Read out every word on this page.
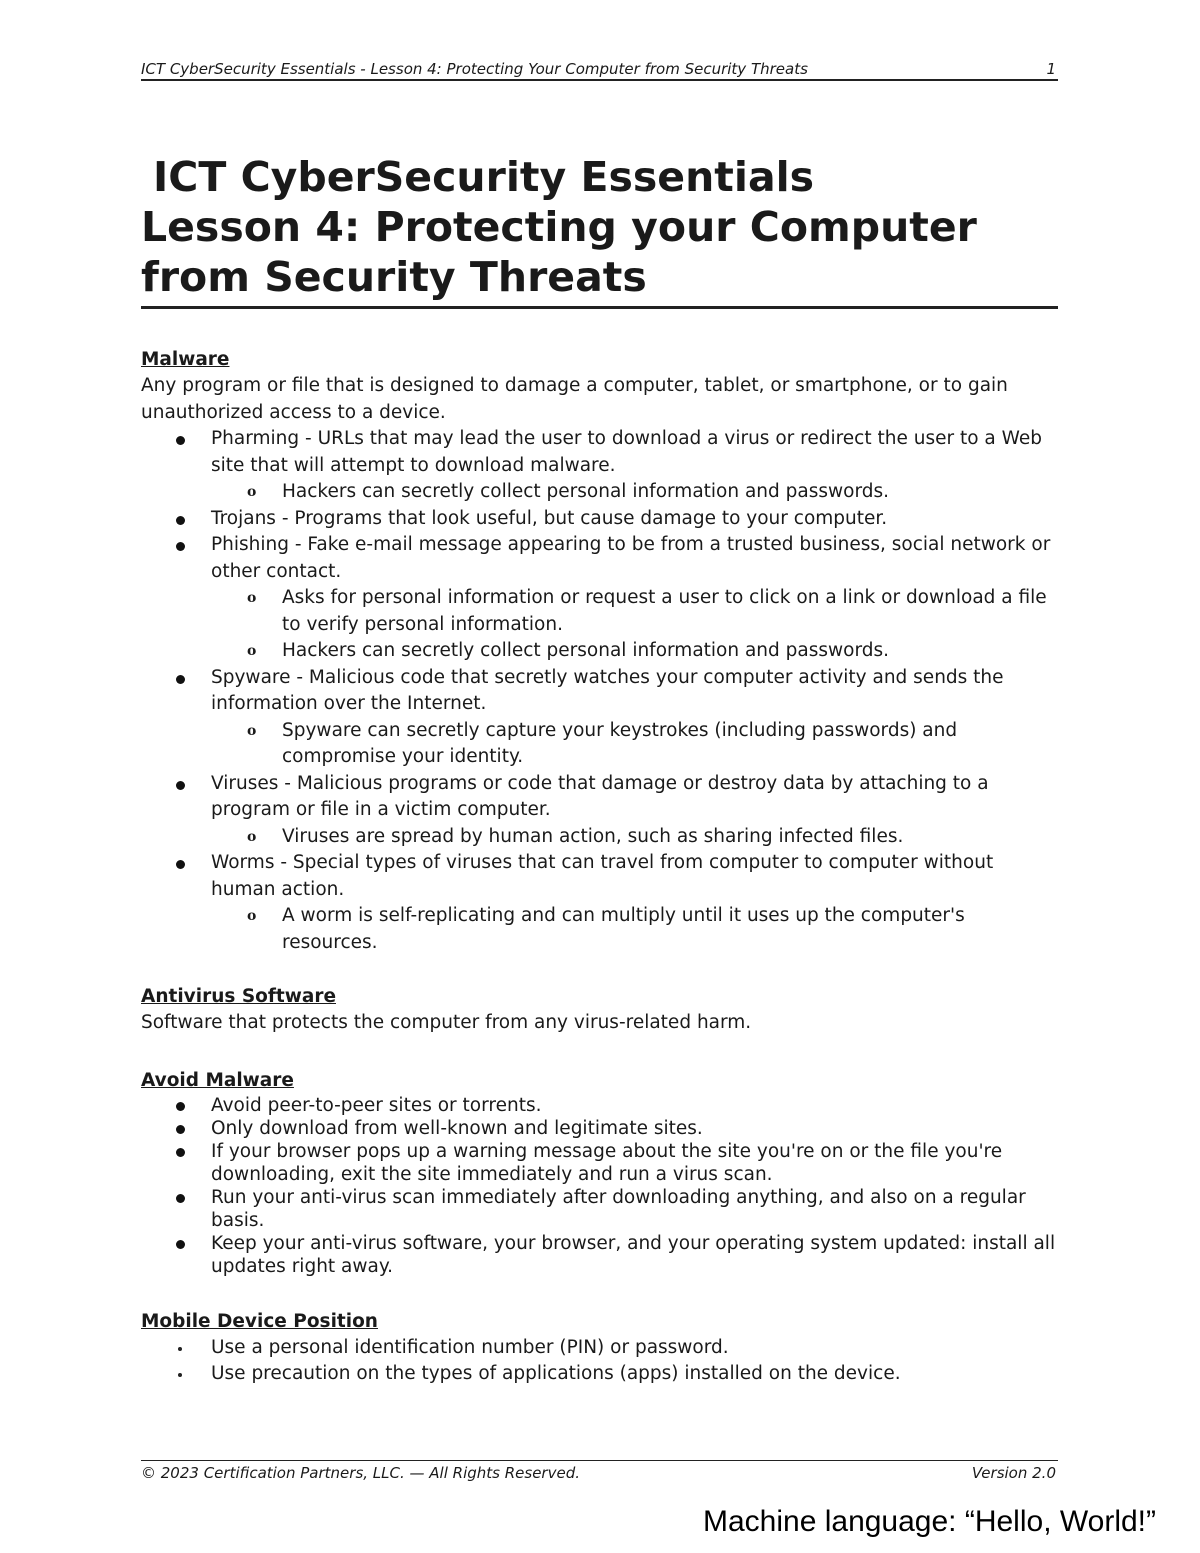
ICT CyberSecurity Essentials - Lesson 4: Protecting Your Computer from Security Threats	1
ICT CyberSecurity Essentials
Lesson 4: Protecting your Computer
from Security Threats

Malware

Any program or file that is designed to damage a computer, tablet, or smartphone, or to gain unauthorized access to a device.

Pharming - URLs that may lead the user to download a virus or redirect the user to a Web site that will attempt to download malware.
o Hackers can secretly collect personal information and passwords.
Trojans - Programs that look useful, but cause damage to your computer.
Phishing - Fake e-mail message appearing to be from a trusted business, social network or other contact.
o Asks for personal information or request a user to click on a link or download a file to verify personal information.
o Hackers can secretly collect personal information and passwords.
Spyware - Malicious code that secretly watches your computer activity and sends the information over the Internet.
o Spyware can secretly capture your keystrokes (including passwords) and compromise your identity.
Viruses - Malicious programs or code that damage or destroy data by attaching to a program or file in a victim computer.
o Viruses are spread by human action, such as sharing infected files.
Worms - Special types of viruses that can travel from computer to computer without human action.
o A worm is self-replicating and can multiply until it uses up the computer's resources.

Antivirus Software

Software that protects the computer from any virus-related harm.

Avoid Malware

Avoid peer-to-peer sites or torrents.
Only download from well-known and legitimate sites.
If your browser pops up a warning message about the site you're on or the file you're downloading, exit the site immediately and run a virus scan.
Run your anti-virus scan immediately after downloading anything, and also on a regular basis.
Keep your anti-virus software, your browser, and your operating system updated: install all updates right away.

Mobile Device Position

Use a personal identification number (PIN) or password.
Use precaution on the types of applications (apps) installed on the device.
© 2023 Certification Partners, LLC. — All Rights Reserved.	Version 2.0
Machine language: “Hello, World!”
